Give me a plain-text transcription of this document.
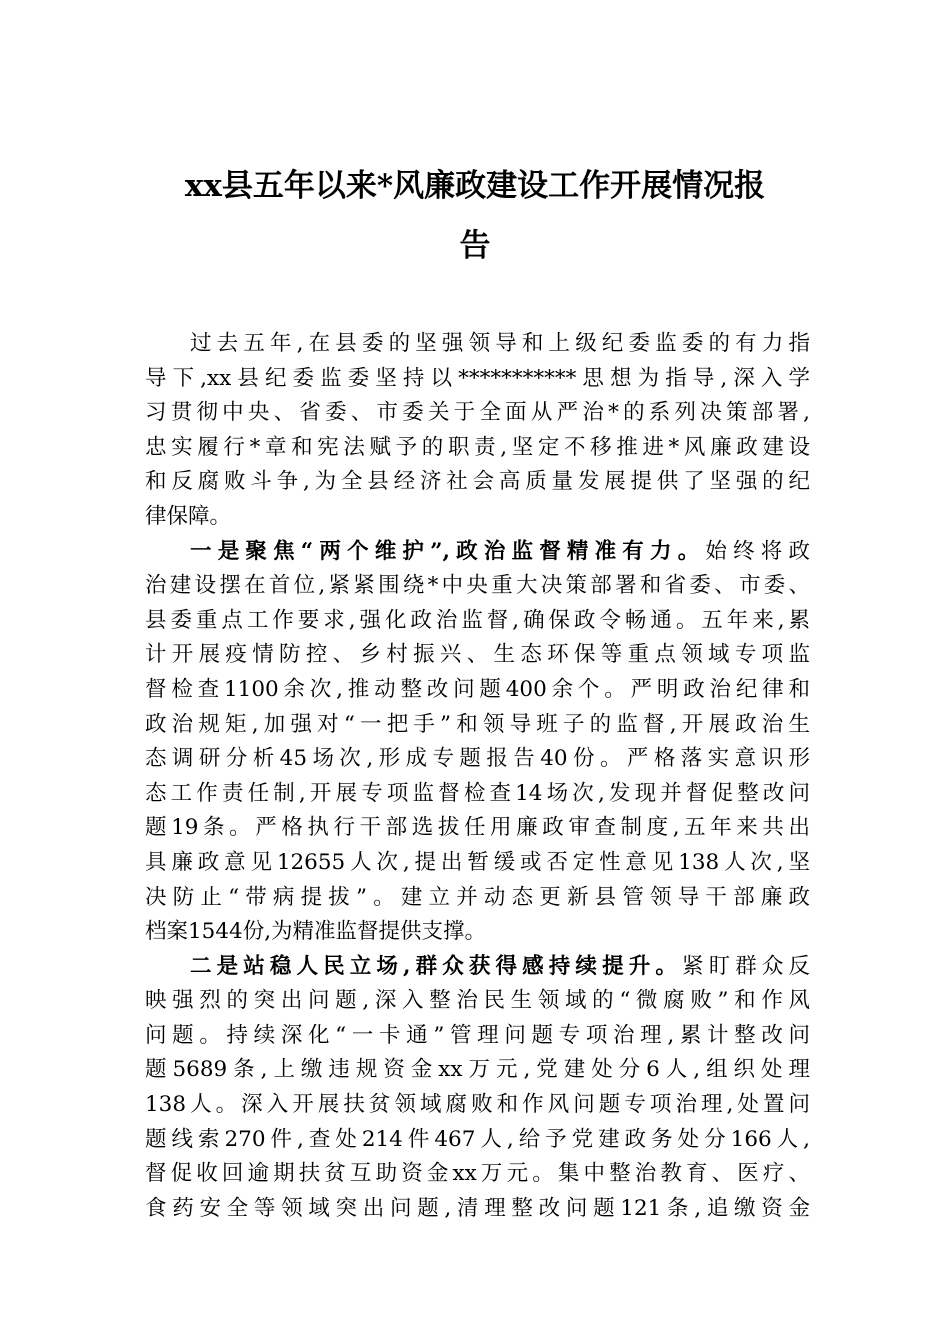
xx县五年以来*风廉政建设工作开展情况报
告
过去五年,在县委的坚强领导和上级纪委监委的有力指
导下,xx县纪委监委坚持以***********思想为指导,深入学
习贯彻中央、省委、市委关于全面从严治*的系列决策部署,
忠实履行*章和宪法赋予的职责,坚定不移推进*风廉政建设
和反腐败斗争,为全县经济社会高质量发展提供了坚强的纪
律保障。
一是聚焦“两个维护”,政治监督精准有力。始终将政
治建设摆在首位,紧紧围绕*中央重大决策部署和省委、市委、
县委重点工作要求,强化政治监督,确保政令畅通。五年来,累
计开展疫情防控、乡村振兴、生态环保等重点领域专项监
督检查1100余次,推动整改问题400余个。严明政治纪律和
政治规矩,加强对“一把手”和领导班子的监督,开展政治生
态调研分析45场次,形成专题报告40份。严格落实意识形
态工作责任制,开展专项监督检查14场次,发现并督促整改问
题19条。严格执行干部选拔任用廉政审查制度,五年来共出
具廉政意见12655人次,提出暂缓或否定性意见138人次,坚
决防止“带病提拔”。建立并动态更新县管领导干部廉政
档案1544份,为精准监督提供支撑。
二是站稳人民立场,群众获得感持续提升。紧盯群众反
映强烈的突出问题,深入整治民生领域的“微腐败”和作风
问题。持续深化“一卡通”管理问题专项治理,累计整改问
题5689条,上缴违规资金xx万元,党建处分6人,组织处理
138人。深入开展扶贫领域腐败和作风问题专项治理,处置问
题线索270件,查处214件467人,给予党建政务处分166人,
督促收回逾期扶贫互助资金xx万元。集中整治教育、医疗、
食药安全等领域突出问题,清理整改问题121条,追缴资金
